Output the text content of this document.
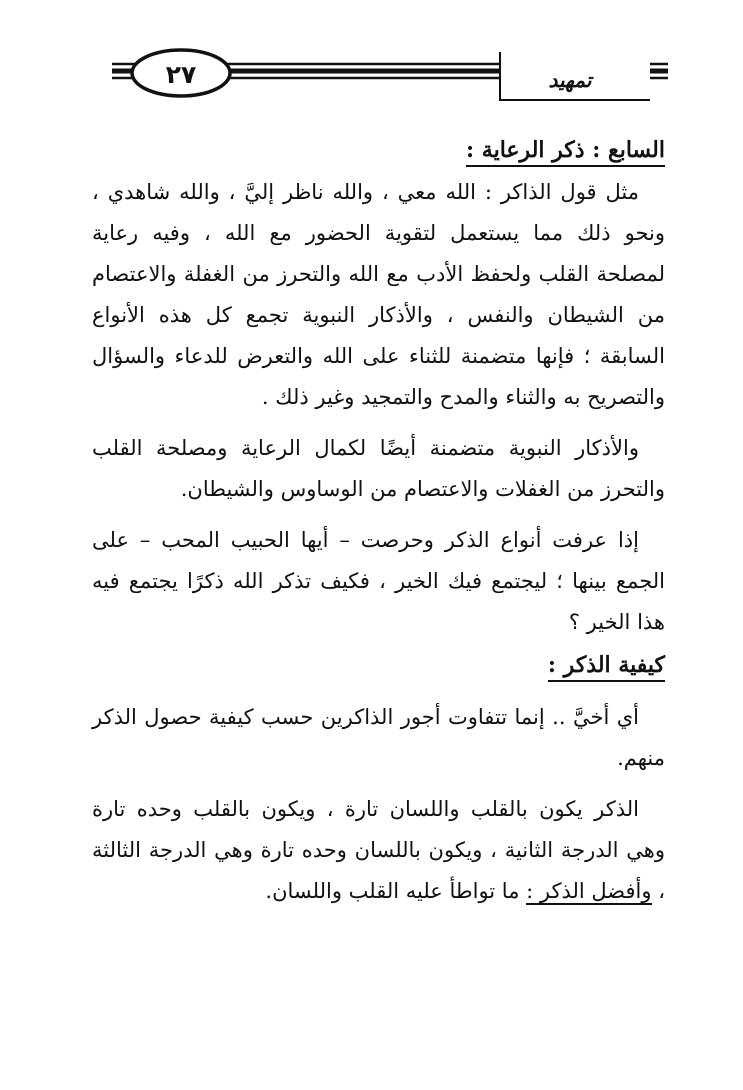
٢٧	تمهيد
السابع : ذكر الرعاية :

مثل قول الذاكر : الله معي ، والله ناظر إليَّ ، والله شاهدي ، ونحو ذلك مما يستعمل لتقوية الحضور مع الله ، وفيه رعاية لمصلحة القلب ولحفظ الأدب مع الله والتحرز من الغفلة والاعتصام من الشيطان والنفس ، والأذكار النبوية تجمع كل هذه الأنواع السابقة ؛ فإنها متضمنة للثناء على الله والتعرض للدعاء والسؤال والتصريح به والثناء والمدح والتمجيد وغير ذلك .

والأذكار النبوية متضمنة أيضًا لكمال الرعاية ومصلحة القلب والتحرز من الغفلات والاعتصام من الوساوس والشيطان.

إذا عرفت أنواع الذكر وحرصت – أيها الحبيب المحب – على الجمع بينها ؛ ليجتمع فيك الخير ، فكيف تذكر الله ذكرًا يجتمع فيه هذا الخير ؟

كيفية الذكر :

أي أخيَّ .. إنما تتفاوت أجور الذاكرين حسب كيفية حصول الذكر منهم.

الذكر يكون بالقلب واللسان تارة ، ويكون بالقلب وحده تارة وهي الدرجة الثانية ، ويكون باللسان وحده تارة وهي الدرجة الثالثة ، وأفضل الذكر : ما تواطأ عليه القلب واللسان.
